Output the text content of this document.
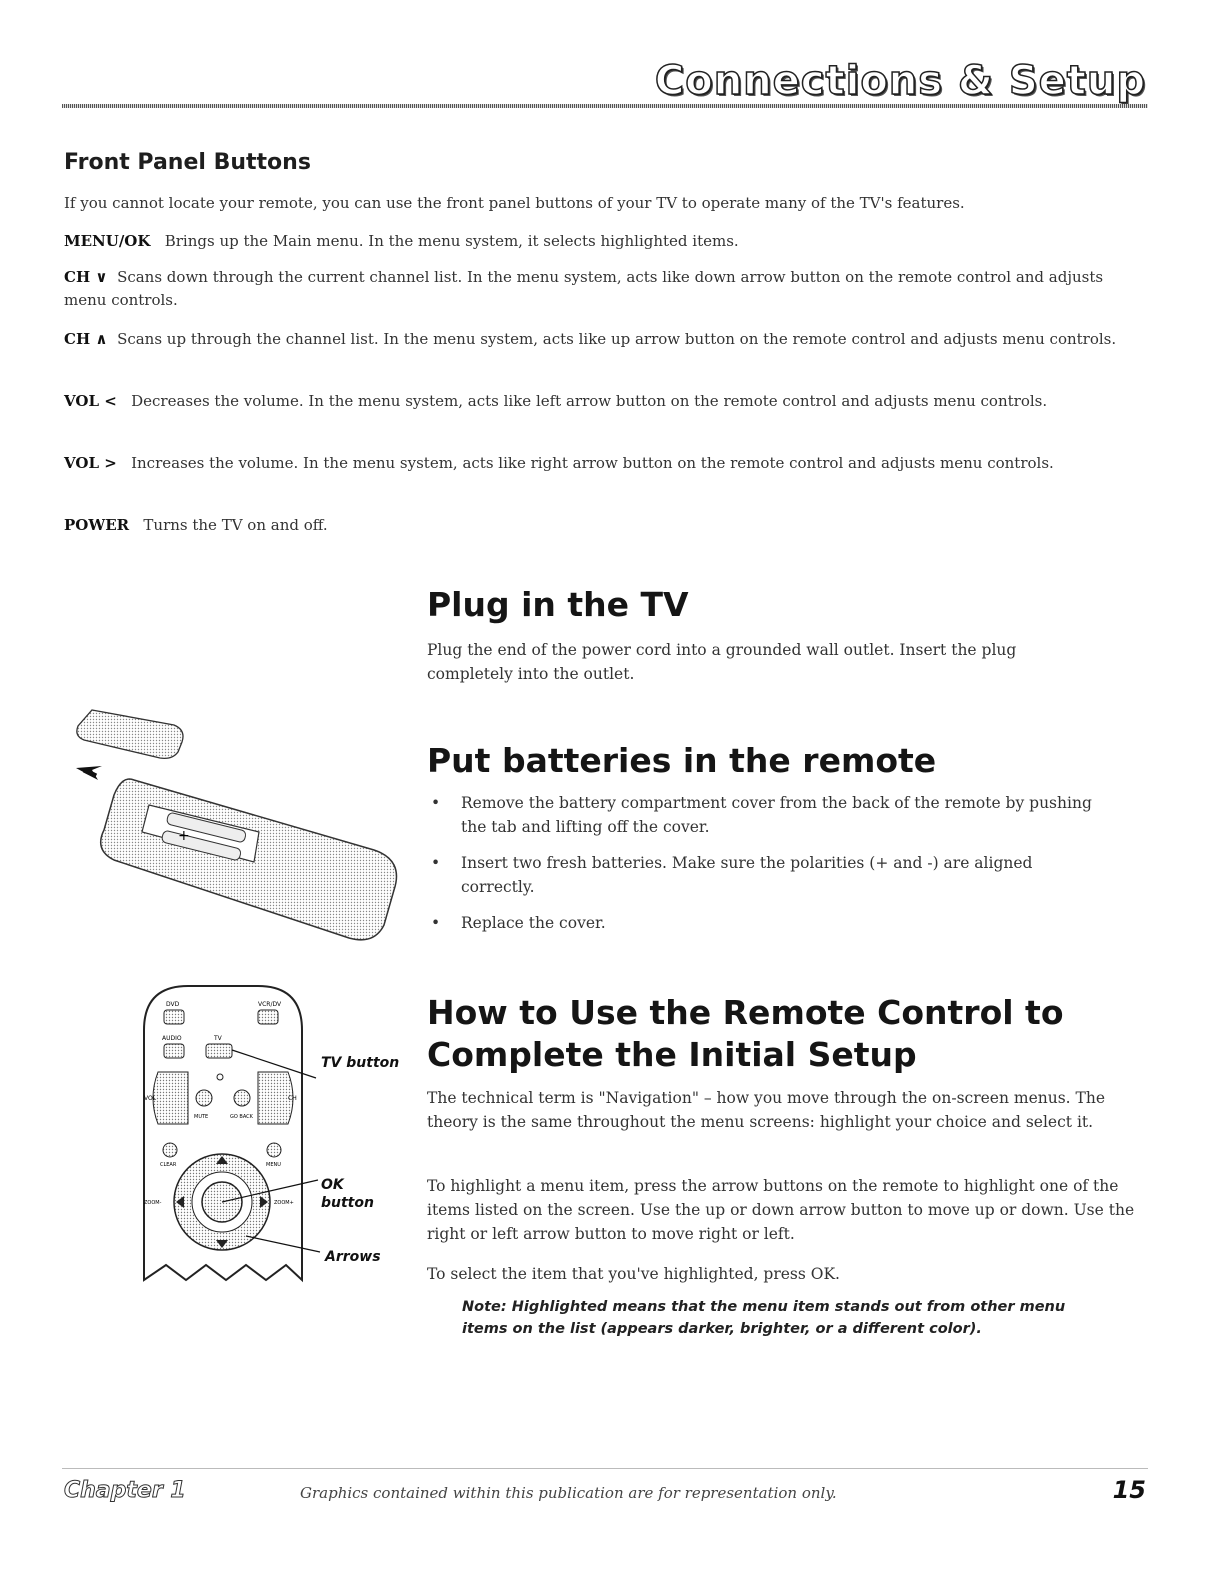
Connections & Setup
Front Panel Buttons
If you cannot locate your remote, you can use the front panel buttons of your TV to operate many of the TV's features.
MENU/OK Brings up the Main menu. In the menu system, it selects highlighted items.
CH ∨ Scans down through the current channel list. In the menu system, acts like down arrow button on the remote control and adjusts menu controls.
CH ∧ Scans up through the channel list. In the menu system, acts like up arrow button on the remote control and adjusts menu controls.
VOL < Decreases the volume. In the menu system, acts like left arrow button on the remote control and adjusts menu controls.
VOL > Increases the volume. In the menu system, acts like right arrow button on the remote control and adjusts menu controls.
POWER Turns the TV on and off.
Plug in the TV
Plug the end of the power cord into a grounded wall outlet. Insert the plug completely into the outlet.
+
Put batteries in the remote
• Remove the battery compartment cover from the back of the remote by pushing the tab and lifting off the cover.
• Insert two fresh batteries. Make sure the polarities (+ and -) are aligned correctly.
• Replace the cover.
DVD	VCR/DV
AUDIO	TV
VOL	CH
MUTE	GO BACK
CLEAR	MENU
ZOOM-	ZOOM+
TV button
OK
button
Arrows
How to Use the Remote Control to
Complete the Initial Setup
The technical term is "Navigation" – how you move through the on-screen menus. The theory is the same throughout the menu screens: highlight your choice and select it.
To highlight a menu item, press the arrow buttons on the remote to highlight one of the items listed on the screen. Use the up or down arrow button to move up or down. Use the right or left arrow button to move right or left.
To select the item that you've highlighted, press OK.
Note: Highlighted means that the menu item stands out from other menu items on the list (appears darker, brighter, or a different color).
Chapter 1	Graphics contained within this publication are for representation only.	15
